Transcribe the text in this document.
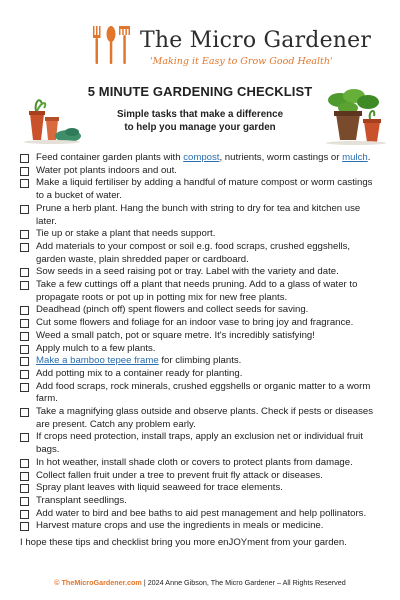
The Micro Gardener
'Making it Easy to Grow Good Health'
5 MINUTE GARDENING CHECKLIST
Simple tasks that make a difference
to help you manage your garden
Feed container garden plants with compost, nutrients, worm castings or mulch.
Water pot plants indoors and out.
Make a liquid fertiliser by adding a handful of mature compost or worm castings to a bucket of water.
Prune a herb plant. Hang the bunch with string to dry for tea and kitchen use later.
Tie up or stake a plant that needs support.
Add materials to your compost or soil e.g. food scraps, crushed eggshells, garden waste, plain shredded paper or cardboard.
Sow seeds in a seed raising pot or tray. Label with the variety and date.
Take a few cuttings off a plant that needs pruning. Add to a glass of water to propagate roots or pot up in potting mix for new free plants.
Deadhead (pinch off) spent flowers and collect seeds for saving.
Cut some flowers and foliage for an indoor vase to bring joy and fragrance.
Weed a small patch, pot or square metre. It's incredibly satisfying!
Apply mulch to a few plants.
Make a bamboo tepee frame for climbing plants.
Add potting mix to a container ready for planting.
Add food scraps, rock minerals, crushed eggshells or organic matter to a worm farm.
Take a magnifying glass outside and observe plants. Check if pests or diseases are present. Catch any problem early.
If crops need protection, install traps, apply an exclusion net or individual fruit bags.
In hot weather, install shade cloth or covers to protect plants from damage.
Collect fallen fruit under a tree to prevent fruit fly attack or diseases.
Spray plant leaves with liquid seaweed for trace elements.
Transplant seedlings.
Add water to bird and bee baths to aid pest management and help pollinators.
Harvest mature crops and use the ingredients in meals or medicine.
I hope these tips and checklist bring you more enJOYment from your garden.
© TheMicroGardener.com | 2024 Anne Gibson, The Micro Gardener – All Rights Reserved
